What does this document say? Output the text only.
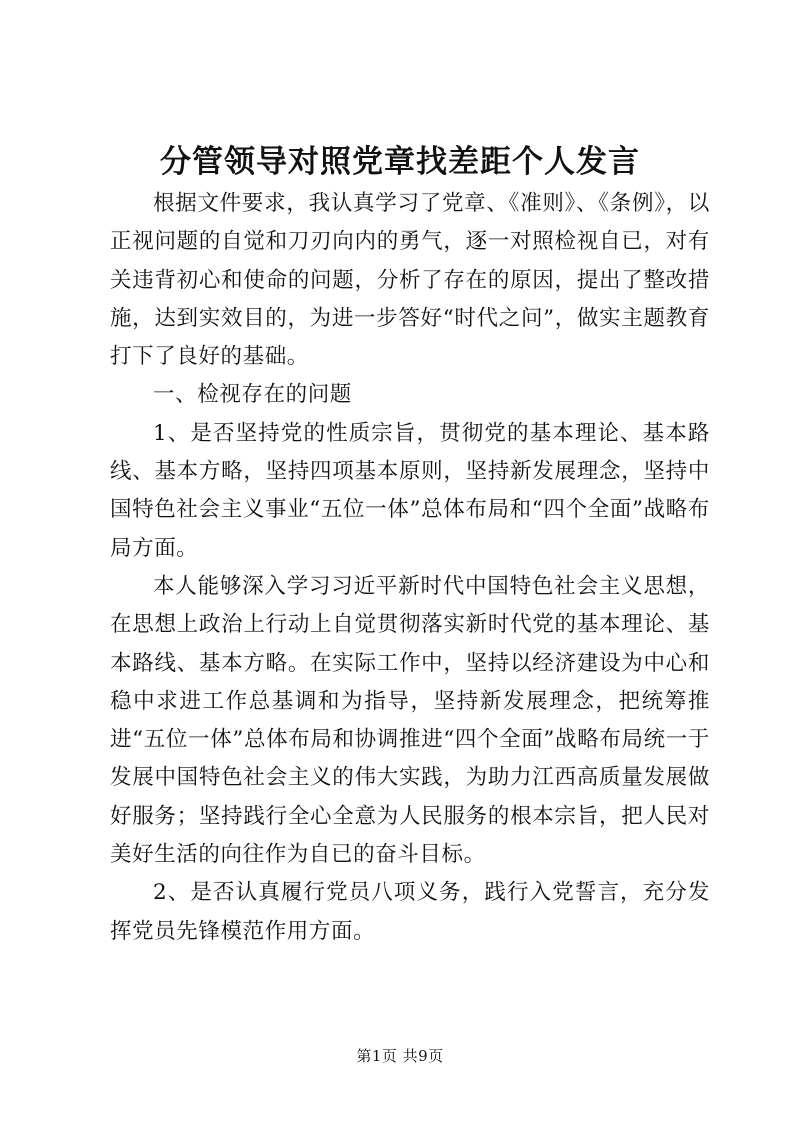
分管领导对照党章找差距个人发言

根据文件要求，我认真学习了党章、《准则》、《条例》，以正视问题的自觉和刀刃向内的勇气，逐一对照检视自已，对有关违背初心和使命的问题，分析了存在的原因，提出了整改措施，达到实效目的，为进一步答好“时代之问”，做实主题教育打下了良好的基础。

一、检视存在的问题

1、是否坚持党的性质宗旨，贯彻党的基本理论、基本路线、基本方略，坚持四项基本原则，坚持新发展理念，坚持中国特色社会主义事业“五位一体”总体布局和“四个全面”战略布局方面。

本人能够深入学习习近平新时代中国特色社会主义思想，在思想上政治上行动上自觉贯彻落实新时代党的基本理论、基本路线、基本方略。在实际工作中，坚持以经济建设为中心和稳中求进工作总基调和为指导，坚持新发展理念，把统筹推进“五位一体”总体布局和协调推进“四个全面”战略布局统一于发展中国特色社会主义的伟大实践，为助力江西高质量发展做好服务；坚持践行全心全意为人民服务的根本宗旨，把人民对美好生活的向往作为自已的奋斗目标。

2、是否认真履行党员八项义务，践行入党誓言，充分发挥党员先锋模范作用方面。

第1页 共9页
